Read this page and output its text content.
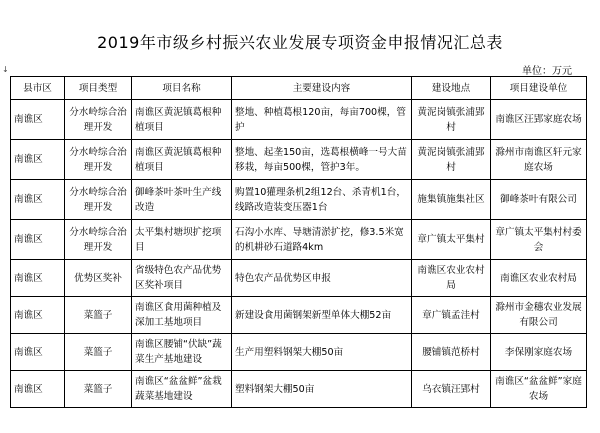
2019年市级乡村振兴农业发展专项资金申报情况汇总表
单位：万元
↓
县市区	项目类型	项目名称	主要建设内容	建设地点	项目建设单位
南谯区	分水岭综合治理开发	南谯区黄泥镇葛根种植项目	整地、种植葛根120亩，每亩700棵，管护	黄泥岗镇张浦郢村	南谯区汪郢家庭农场
南谯区	分水岭综合治理开发	南谯区黄泥镇葛根种植项目	整地、起垄150亩，选葛根横峰一号大苗移栽，每亩500棵，管护3年。	黄泥岗镇张浦郢村	滁州市南谯区轩元家庭农场
南谯区	分水岭综合治理开发	御峰茶叶茶叶生产线改造	购置10獾理条机2组12台、杀青机1台，线路改造装变压器1台	施集镇施集社区	御峰茶叶有限公司
南谯区	分水岭综合治理开发	太平集村塘坝扩挖项目	石沟小水库、导塘清淤扩挖，修3.5米宽的机耕砂石道路4km	章广镇太平集村	章广镇太平集村村委会
南谯区	优势区奖补	省级特色农产品优势区奖补项目	特色农产品优势区申报	南谯区农业农村局	南谯区农业农村局
南谯区	菜篮子	南谯区食用菌种植及深加工基地项目	新建设食用菌钢架新型单体大棚52亩	章广镇孟洼村	滁州市金穗农业发展有限公司
南谯区	菜篮子	南谯区腰铺“伏缺”蔬菜生产基地建设	生产用塑料钢架大棚50亩	腰铺镇范桥村	李保刚家庭农场
南谯区	菜篮子	南谯区“盆盆鲜”盆栽蔬菜基地建设	塑料钢架大棚50亩	乌衣镇汪郢村	南谯区“盆盆鲜”家庭农场
